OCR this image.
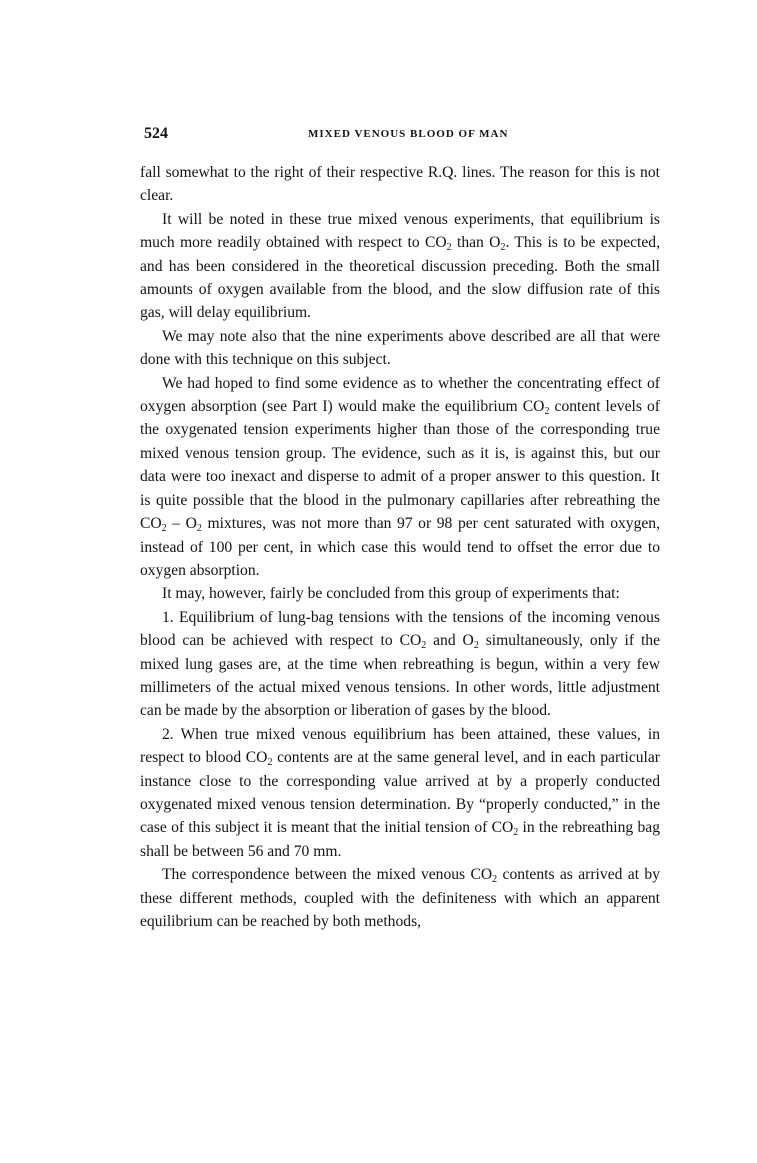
524	MIXED VENOUS BLOOD OF MAN

fall somewhat to the right of their respective R.Q. lines. The reason for this is not clear.

It will be noted in these true mixed venous experiments, that equilibrium is much more readily obtained with respect to $CO_2$ than $O_2$. This is to be expected, and has been considered in the theoretical discussion preceding. Both the small amounts of oxygen available from the blood, and the slow diffusion rate of this gas, will delay equilibrium.

We may note also that the nine experiments above described are all that were done with this technique on this subject.

We had hoped to find some evidence as to whether the concentrating effect of oxygen absorption (see Part I) would make the equilibrium $CO_2$ content levels of the oxygenated tension experiments higher than those of the corresponding true mixed venous tension group. The evidence, such as it is, is against this, but our data were too inexact and disperse to admit of a proper answer to this question. It is quite possible that the blood in the pulmonary capillaries after rebreathing the $CO_2 - O_2$ mixtures, was not more than 97 or 98 per cent saturated with oxygen, instead of 100 per cent, in which case this would tend to offset the error due to oxygen absorption.

It may, however, fairly be concluded from this group of experiments that:

1. Equilibrium of lung-bag tensions with the tensions of the incoming venous blood can be achieved with respect to $CO_2$ and $O_2$ simultaneously, only if the mixed lung gases are, at the time when rebreathing is begun, within a very few millimeters of the actual mixed venous tensions. In other words, little adjustment can be made by the absorption or liberation of gases by the blood.

2. When true mixed venous equilibrium has been attained, these values, in respect to blood $CO_2$ contents are at the same general level, and in each particular instance close to the corresponding value arrived at by a properly conducted oxygenated mixed venous tension determination. By “properly conducted,” in the case of this subject it is meant that the initial tension of $CO_2$ in the rebreathing bag shall be between 56 and 70 mm.

The correspondence between the mixed venous $CO_2$ contents as arrived at by these different methods, coupled with the definiteness with which an apparent equilibrium can be reached by both methods,
